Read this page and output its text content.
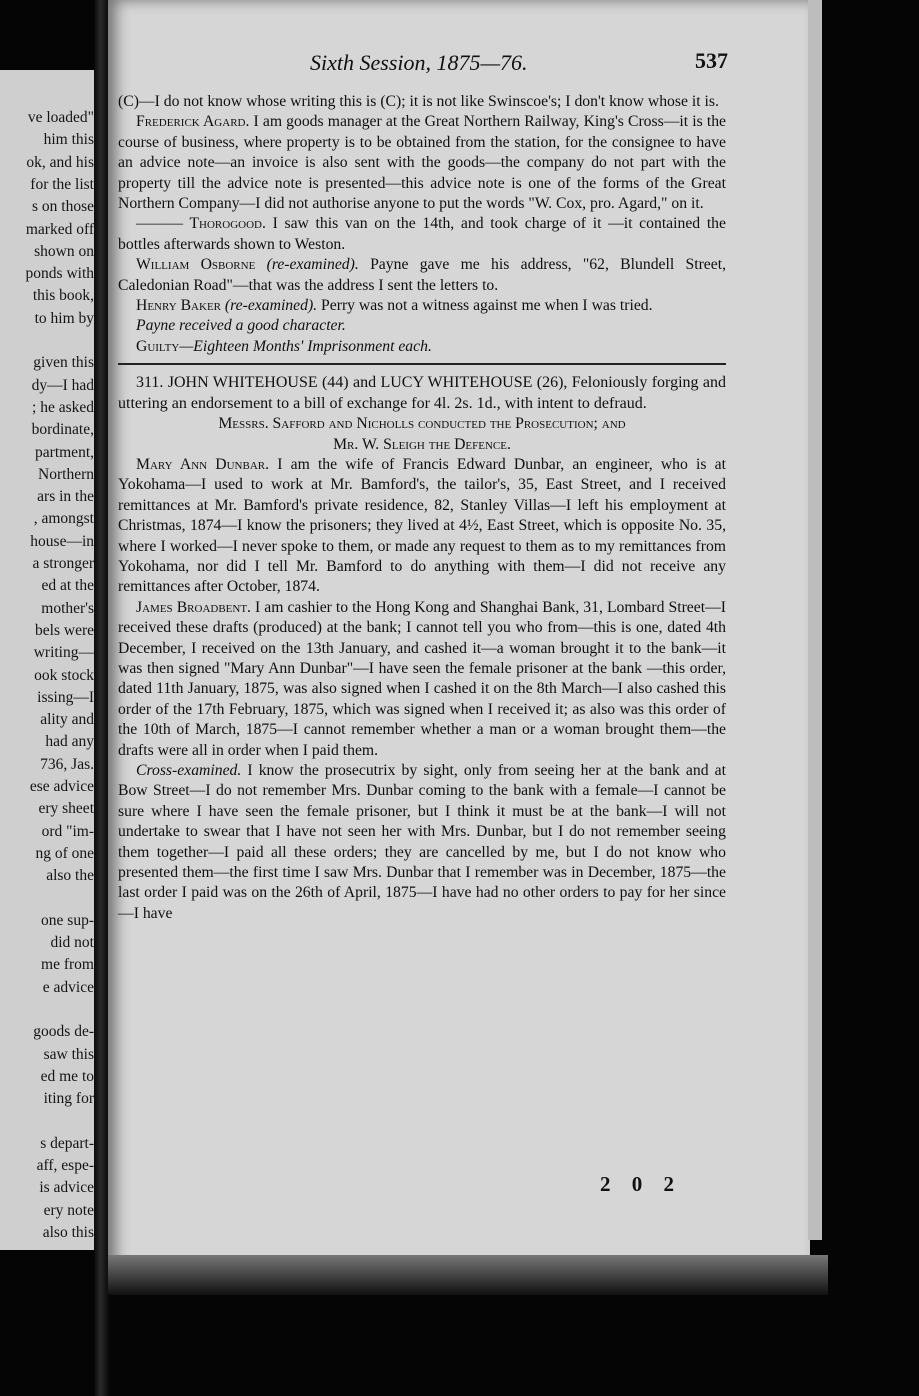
ve loaded"
him this
ok, and his
for the list
s on those
marked off
shown on
ponds with
this book,
to him by
given this
dy—I had
; he asked
bordinate,
partment,
Northern
ars in the
, amongst
house—in
a stronger
ed at the
mother's
bels were
writing—
ook stock
issing—I
ality and
had any
736, Jas.
ese advice
ery sheet
ord "im-
ng of one
also the
one sup-
did not
me from
e advice
goods de-
saw this
ed me to
iting for
s depart-
aff, espe-
is advice
ery note
also this
Sixth Session, 1875—76.	537

(C)—I do not know whose writing this is (C); it is not like Swinscoe's; I don't know whose it is.

Frederick Agard. I am goods manager at the Great Northern Railway, King's Cross—it is the course of business, where property is to be obtained from the station, for the consignee to have an advice note—an invoice is also sent with the goods—the company do not part with the property till the advice note is presented—this advice note is one of the forms of the Great Northern Company—I did not authorise anyone to put the words "W. Cox, pro. Agard," on it.

——— Thorogood. I saw this van on the 14th, and took charge of it —it contained the bottles afterwards shown to Weston.

William Osborne (re-examined). Payne gave me his address, "62, Blundell Street, Caledonian Road"—that was the address I sent the letters to.

Henry Baker (re-examined). Perry was not a witness against me when I was tried.

Payne received a good character.

Guilty—Eighteen Months' Imprisonment each.

311. JOHN WHITEHOUSE (44) and LUCY WHITEHOUSE (26), Feloniously forging and uttering an endorsement to a bill of exchange for 4l. 2s. 1d., with intent to defraud.

Messrs. Safford and Nicholls conducted the Prosecution; and

Mr. W. Sleigh the Defence.

Mary Ann Dunbar. I am the wife of Francis Edward Dunbar, an engineer, who is at Yokohama—I used to work at Mr. Bamford's, the tailor's, 35, East Street, and I received remittances at Mr. Bamford's private residence, 82, Stanley Villas—I left his employment at Christmas, 1874—I know the prisoners; they lived at 4½, East Street, which is opposite No. 35, where I worked—I never spoke to them, or made any request to them as to my remittances from Yokohama, nor did I tell Mr. Bamford to do anything with them—I did not receive any remittances after October, 1874.

James Broadbent. I am cashier to the Hong Kong and Shanghai Bank, 31, Lombard Street—I received these drafts (produced) at the bank; I cannot tell you who from—this is one, dated 4th December, I received on the 13th January, and cashed it—a woman brought it to the bank—it was then signed "Mary Ann Dunbar"—I have seen the female prisoner at the bank —this order, dated 11th January, 1875, was also signed when I cashed it on the 8th March—I also cashed this order of the 17th February, 1875, which was signed when I received it; as also was this order of the 10th of March, 1875—I cannot remember whether a man or a woman brought them—the drafts were all in order when I paid them.

Cross-examined. I know the prosecutrix by sight, only from seeing her at the bank and at Bow Street—I do not remember Mrs. Dunbar coming to the bank with a female—I cannot be sure where I have seen the female prisoner, but I think it must be at the bank—I will not undertake to swear that I have not seen her with Mrs. Dunbar, but I do not remember seeing them together—I paid all these orders; they are cancelled by me, but I do not know who presented them—the first time I saw Mrs. Dunbar that I remember was in December, 1875—the last order I paid was on the 26th of April, 1875—I have had no other orders to pay for her since—I have

2 0 2
